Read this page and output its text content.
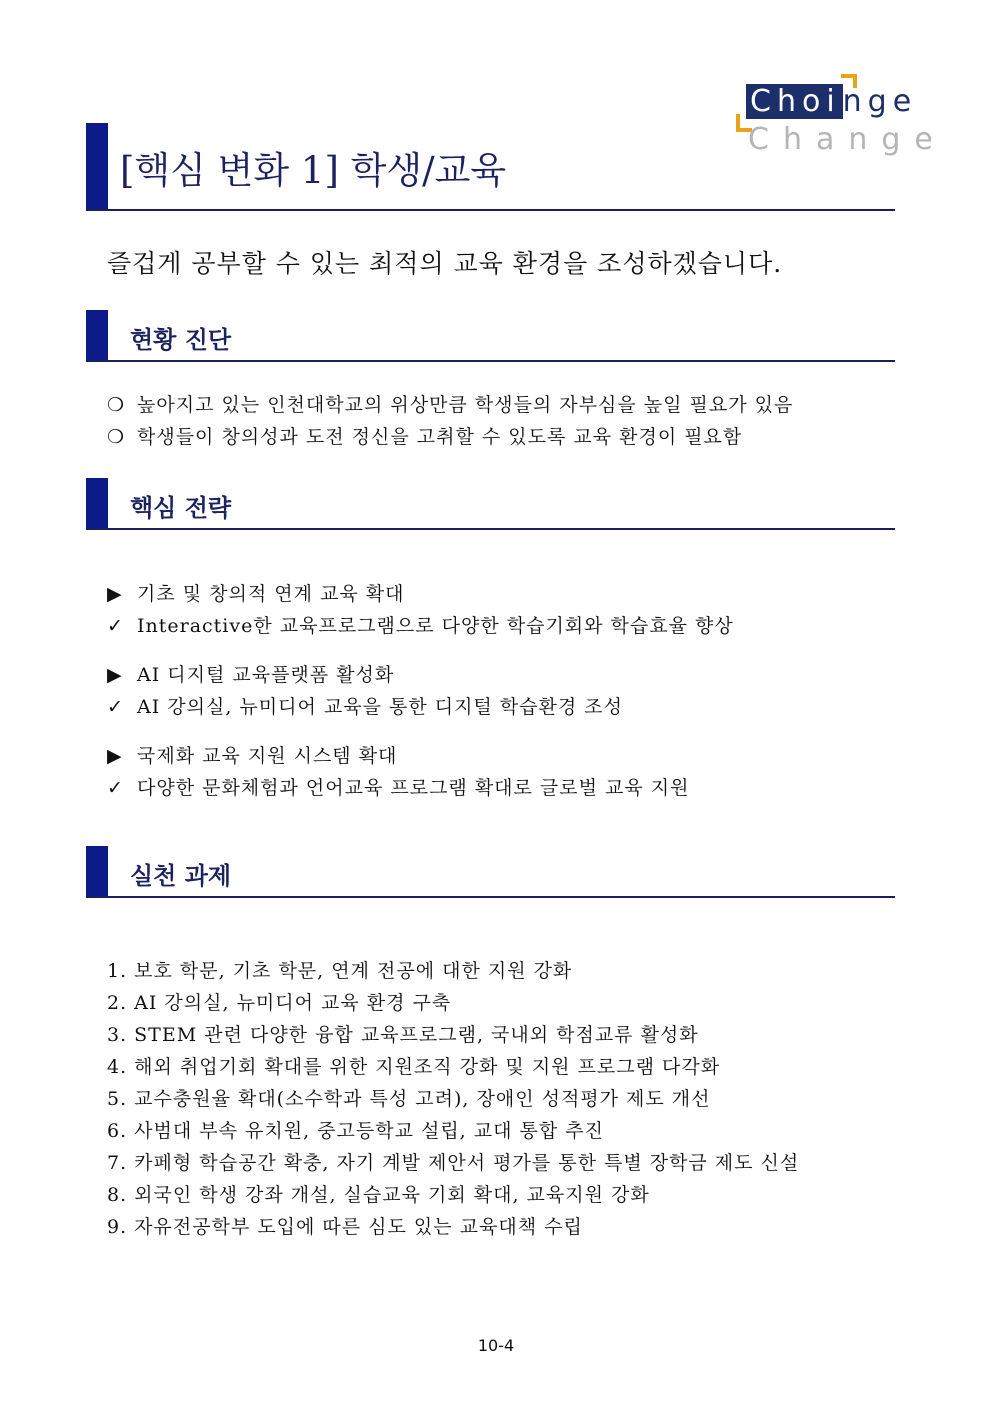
Choinge
Change
[핵심 변화 1] 학생/교육
즐겁게 공부할 수 있는 최적의 교육 환경을 조성하겠습니다.
현황 진단
❍ 높아지고 있는 인천대학교의 위상만큼 학생들의 자부심을 높일 필요가 있음
❍ 학생들이 창의성과 도전 정신을 고취할 수 있도록 교육 환경이 필요함
핵심 전략
▶ 기초 및 창의적 연계 교육 확대
✓ Interactive한 교육프로그램으로 다양한 학습기회와 학습효율 향상
▶ AI 디지털 교육플랫폼 활성화
✓ AI 강의실, 뉴미디어 교육을 통한 디지털 학습환경 조성
▶ 국제화 교육 지원 시스템 확대
✓ 다양한 문화체험과 언어교육 프로그램 확대로 글로벌 교육 지원
실천 과제
1. 보호 학문, 기초 학문, 연계 전공에 대한 지원 강화
2. AI 강의실, 뉴미디어 교육 환경 구축
3. STEM 관련 다양한 융합 교육프로그램, 국내외 학점교류 활성화
4. 해외 취업기회 확대를 위한 지원조직 강화 및 지원 프로그램 다각화
5. 교수충원율 확대(소수학과 특성 고려), 장애인 성적평가 제도 개선
6. 사범대 부속 유치원, 중고등학교 설립, 교대 통합 추진
7. 카페형 학습공간 확충, 자기 계발 제안서 평가를 통한 특별 장학금 제도 신설
8. 외국인 학생 강좌 개설, 실습교육 기회 확대, 교육지원 강화
9. 자유전공학부 도입에 따른 심도 있는 교육대책 수립
10-4
